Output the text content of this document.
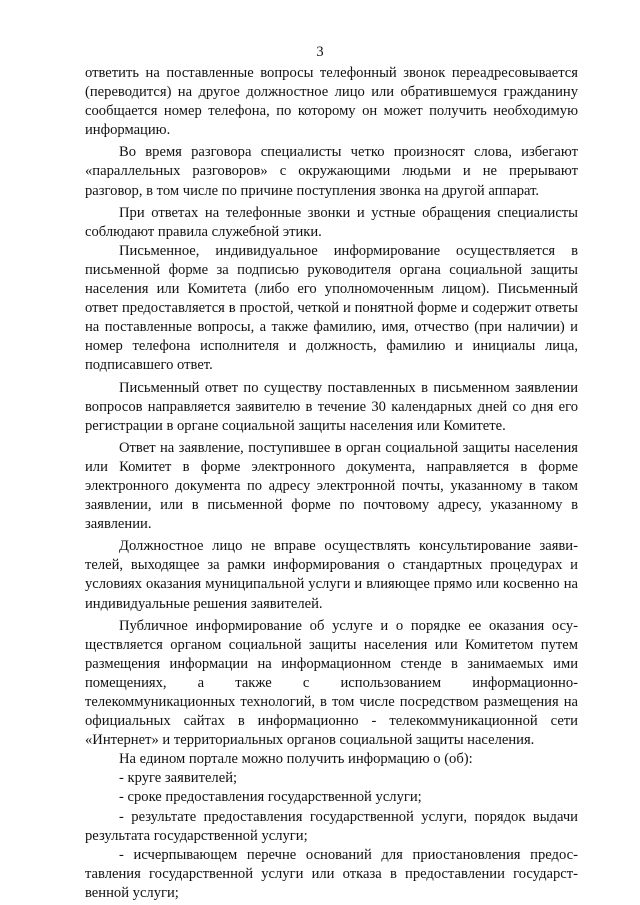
3

ответить на поставленные вопросы телефонный звонок переадресовывается (переводится) на другое должностное лицо или обратившемуся гражданину сообщается номер телефона, по которому он может получить необходимую информацию.

Во время разговора специалисты четко произносят слова, избегают «параллельных разговоров» с окружающими людьми и не прерывают разговор, в том числе по причине поступления звонка на другой аппарат.

При ответах на телефонные звонки и устные обращения специалисты соблюдают правила служебной этики.

Письменное, индивидуальное информирование осуществляется в письменной форме за подписью руководителя органа социальной защиты населения или Комитета (либо его уполномоченным лицом). Письменный ответ предоставляется в простой, четкой и понятной форме и содержит ответы на поставленные вопросы, а также фамилию, имя, отчество (при наличии) и номер телефона исполнителя и должность, фамилию и инициалы лица, подписавшего ответ.

Письменный ответ по существу поставленных в письменном заявлении вопросов направляется заявителю в течение 30 календарных дней со дня его регистрации в органе социальной защиты населения или Комитете.

Ответ на заявление, поступившее в орган социальной защиты населения или Комитет в форме электронного документа, направляется в форме электронного документа по адресу электронной почты, указанному в таком заявлении, или в письменной форме по почтовому адресу, указанному в заявлении.

Должностное лицо не вправе осуществлять консультирование заявителей, выходящее за рамки информирования о стандартных процедурах и условиях оказания муниципальной услуги и влияющее прямо или косвенно на индивидуальные решения заявителей.

Публичное информирование об услуге и о порядке ее оказания осуществляется органом социальной защиты населения или Комитетом путем размещения информации на информационном стенде в занимаемых ими помещениях, а также с использованием информационно-телекоммуникационных технологий, в том числе посредством размещения на официальных сайтах в информационно - телекоммуникационной сети «Интернет» и территориальных органов социальной защиты населения.

На едином портале можно получить информацию о (об):

- круге заявителей;

- сроке предоставления государственной услуги;

- результате предоставления государственной услуги, порядок выдачи результата государственной услуги;

- исчерпывающем перечне оснований для приостановления предоставления государственной услуги или отказа в предоставлении государственной услуги;
